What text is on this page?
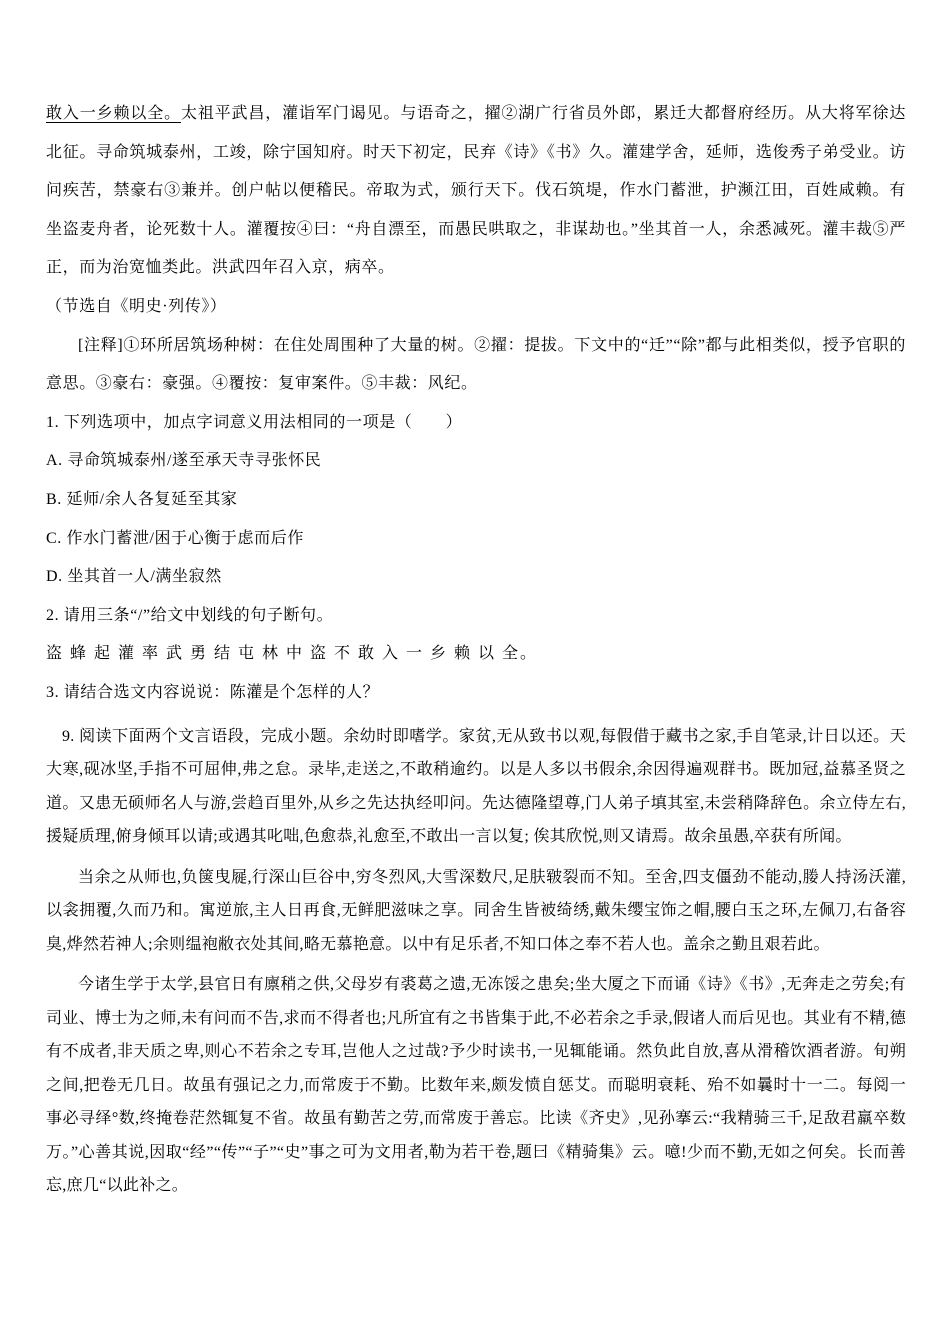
敢入一乡赖以全。太祖平武昌，灌诣军门谒见。与语奇之，擢②湖广行省员外郎，累迁大都督府经历。从大将军徐达北征。寻命筑城泰州，工竣，除宁国知府。时天下初定，民弃《诗》《书》久。灌建学舍，延师，选俊秀子弟受业。访问疾苦，禁豪右③兼并。创户帖以便稽民。帝取为式，颁行天下。伐石筑堤，作水门蓄泄，护濒江田，百姓咸赖。有坐盗麦舟者，论死数十人。灌覆按④曰：“舟自漂至，而愚民哄取之，非谋劫也。”坐其首一人，余悉减死。灌丰裁⑤严正，而为治宽恤类此。洪武四年召入京，病卒。

（节选自《明史·列传》）

[注释]①环所居筑场种树：在住处周围种了大量的树。②擢：提拔。下文中的“迁”“除”都与此相类似，授予官职的意思。③豪右：豪强。④覆按：复审案件。⑤丰裁：风纪。

1. 下列选项中，加点字词意义用法相同的一项是（　　）

A. 寻命筑城泰州/遂至承天寺寻张怀民

B. 延师/余人各复延至其家

C. 作水门蓄泄/困于心衡于虑而后作

D. 坐其首一人/满坐寂然

2. 请用三条“/”给文中划线的句子断句。

盗 蜂 起 灌 率 武 勇 结 屯 林 中 盗 不 敢 入 一 乡 赖 以 全。

3. 请结合选文内容说说：陈灌是个怎样的人？

9. 阅读下面两个文言语段，完成小题。余幼时即嗜学。家贫,无从致书以观,每假借于藏书之家,手自笔录,计日以还。天大寒,砚冰坚,手指不可屈伸,弗之怠。录毕,走送之,不敢稍逾约。以是人多以书假余,余因得遍观群书。既加冠,益慕圣贤之道。又患无硕师名人与游,尝趋百里外,从乡之先达执经叩问。先达德隆望尊,门人弟子填其室,未尝稍降辞色。余立侍左右,援疑质理,俯身倾耳以请;或遇其叱咄,色愈恭,礼愈至,不敢出一言以复; 俟其欣悦,则又请焉。故余虽愚,卒获有所闻。

当余之从师也,负箧曳屣,行深山巨谷中,穷冬烈风,大雪深数尺,足肤皲裂而不知。至舍,四支僵劲不能动,媵人持汤沃灌,以衾拥覆,久而乃和。寓逆旅,主人日再食,无鲜肥滋味之享。同舍生皆被绮绣,戴朱缨宝饰之帽,腰白玉之环,左佩刀,右备容臭,烨然若神人;余则缊袍敝衣处其间,略无慕艳意。以中有足乐者,不知口体之奉不若人也。盖余之勤且艰若此。

今诸生学于太学,县官日有廪稍之供,父母岁有裘葛之遗,无冻馁之患矣;坐大厦之下而诵《诗》《书》,无奔走之劳矣;有司业、博士为之师,未有问而不告,求而不得者也;凡所宜有之书皆集于此,不必若余之手录,假诸人而后见也。其业有不精,德有不成者,非天质之卑,则心不若余之专耳,岂他人之过哉?予少时读书,一见辄能诵。然负此自放,喜从滑稽饮酒者游。旬朔之间,把卷无几日。故虽有强记之力,而常废于不勤。比数年来,颇发愤自惩艾。而聪明衰耗、殆不如曩时十一二。每阅一事必寻绎°数,终掩卷茫然辄复不省。故虽有勤苦之劳,而常废于善忘。比读《齐史》,见孙搴云:“我精骑三千,足敌君羸卒数万。”心善其说,因取“经”“传”“子”“史”事之可为文用者,勒为若干卷,题曰《精骑集》云。噫!少而不勤,无如之何矣。长而善忘,庶几“以此补之。
